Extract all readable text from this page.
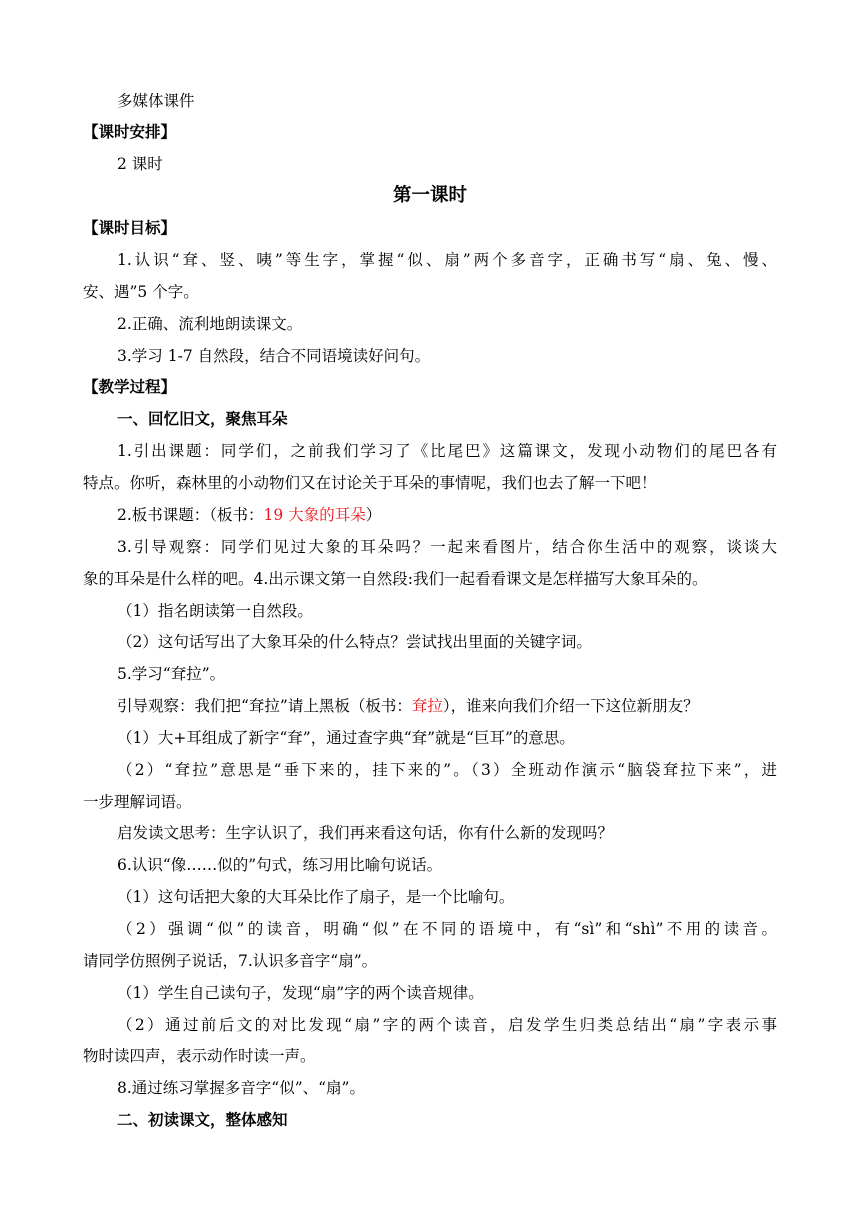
多媒体课件
【课时安排】
2 课时
第一课时
【课时目标】
1.认识“耷、竖、咦”等生字，掌握“似、扇”两个多音字，正确书写“扇、兔、慢、
安、遇”5 个字。
2.正确、流利地朗读课文。
3.学习 1-7 自然段，结合不同语境读好问句。
【教学过程】
一、回忆旧文，聚焦耳朵
1.引出课题：同学们，之前我们学习了《比尾巴》这篇课文，发现小动物们的尾巴各有
特点。你听，森林里的小动物们又在讨论关于耳朵的事情呢，我们也去了解一下吧！
2.板书课题：（板书：19 大象的耳朵）
3.引导观察：同学们见过大象的耳朵吗？一起来看图片，结合你生活中的观察，谈谈大
象的耳朵是什么样的吧。4.出示课文第一自然段:我们一起看看课文是怎样描写大象耳朵的。
（1）指名朗读第一自然段。
（2）这句话写出了大象耳朵的什么特点？尝试找出里面的关键字词。
5.学习“耷拉”。
引导观察：我们把“耷拉”请上黑板（板书：耷拉），谁来向我们介绍一下这位新朋友？
（1）大+耳组成了新字“耷”，通过查字典“耷”就是“巨耳”的意思。
（2）“耷拉”意思是“垂下来的，挂下来的”。（3）全班动作演示“脑袋耷拉下来”，进
一步理解词语。
启发读文思考：生字认识了，我们再来看这句话，你有什么新的发现吗？
6.认识“像……似的”句式，练习用比喻句说话。
（1）这句话把大象的大耳朵比作了扇子，是一个比喻句。
（2）强调“似”的读音，明确“似”在不同的语境中，有“sì”和“shì”不用的读音。
请同学仿照例子说话，7.认识多音字“扇”。
（1）学生自己读句子，发现“扇”字的两个读音规律。
（2）通过前后文的对比发现“扇”字的两个读音，启发学生归类总结出“扇”字表示事
物时读四声，表示动作时读一声。
8.通过练习掌握多音字“似”、“扇”。
二、初读课文，整体感知
